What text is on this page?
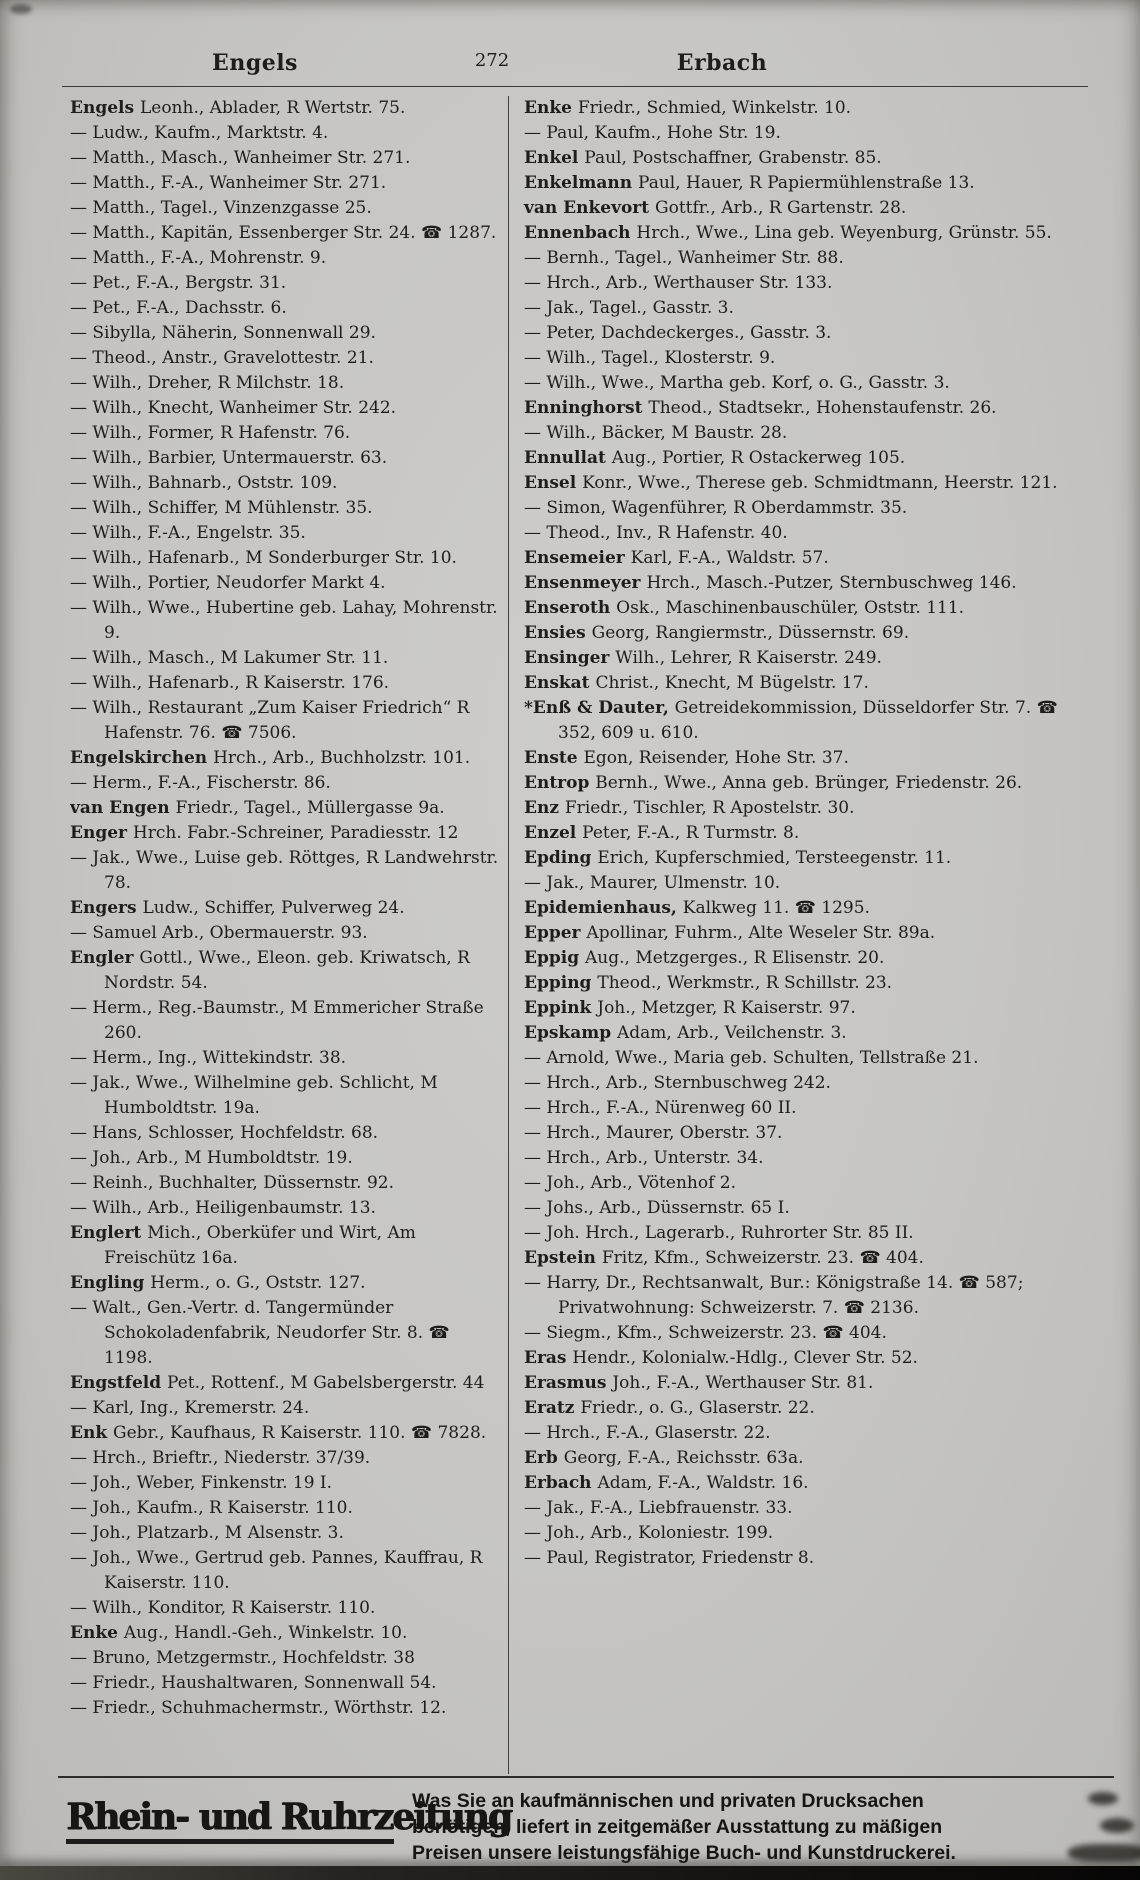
Engels	272	Erbach
Engels Leonh., Ablader, R Wertstr. 75.
— Ludw., Kaufm., Marktstr. 4.
— Matth., Masch., Wanheimer Str. 271.
— Matth., F.-A., Wanheimer Str. 271.
— Matth., Tagel., Vinzenzgasse 25.
— Matth., Kapitän, Essenberger Str. 24. ☎ 1287.
— Matth., F.-A., Mohrenstr. 9.
— Pet., F.-A., Bergstr. 31.
— Pet., F.-A., Dachsstr. 6.
— Sibylla, Näherin, Sonnenwall 29.
— Theod., Anstr., Gravelottestr. 21.
— Wilh., Dreher, R Milchstr. 18.
— Wilh., Knecht, Wanheimer Str. 242.
— Wilh., Former, R Hafenstr. 76.
— Wilh., Barbier, Untermauerstr. 63.
— Wilh., Bahnarb., Oststr. 109.
— Wilh., Schiffer, M Mühlenstr. 35.
— Wilh., F.-A., Engelstr. 35.
— Wilh., Hafenarb., M Sonderburger Str. 10.
— Wilh., Portier, Neudorfer Markt 4.
— Wilh., Wwe., Hubertine geb. Lahay, Mohrenstr. 9.
— Wilh., Masch., M Lakumer Str. 11.
— Wilh., Hafenarb., R Kaiserstr. 176.
— Wilh., Restaurant „Zum Kaiser Friedrich“ R Hafenstr. 76. ☎ 7506.
Engelskirchen Hrch., Arb., Buchholzstr. 101.
— Herm., F.-A., Fischerstr. 86.
van Engen Friedr., Tagel., Müllergasse 9a.
Enger Hrch. Fabr.-Schreiner, Paradiesstr. 12
— Jak., Wwe., Luise geb. Röttges, R Landwehrstr. 78.
Engers Ludw., Schiffer, Pulverweg 24.
— Samuel Arb., Obermauerstr. 93.
Engler Gottl., Wwe., Eleon. geb. Kriwatsch, R Nordstr. 54.
— Herm., Reg.-Baumstr., M Emmericher Straße 260.
— Herm., Ing., Wittekindstr. 38.
— Jak., Wwe., Wilhelmine geb. Schlicht, M Humboldtstr. 19a.
— Hans, Schlosser, Hochfeldstr. 68.
— Joh., Arb., M Humboldtstr. 19.
— Reinh., Buchhalter, Düssernstr. 92.
— Wilh., Arb., Heiligenbaumstr. 13.
Englert Mich., Oberküfer und Wirt, Am Freischütz 16a.
Engling Herm., o. G., Oststr. 127.
— Walt., Gen.-Vertr. d. Tangermünder Schokoladenfabrik, Neudorfer Str. 8. ☎ 1198.
Engstfeld Pet., Rottenf., M Gabelsbergerstr. 44
— Karl, Ing., Kremerstr. 24.
Enk Gebr., Kaufhaus, R Kaiserstr. 110. ☎ 7828.
— Hrch., Brieftr., Niederstr. 37/39.
— Joh., Weber, Finkenstr. 19 I.
— Joh., Kaufm., R Kaiserstr. 110.
— Joh., Platzarb., M Alsenstr. 3.
— Joh., Wwe., Gertrud geb. Pannes, Kauffrau, R Kaiserstr. 110.
— Wilh., Konditor, R Kaiserstr. 110.
Enke Aug., Handl.-Geh., Winkelstr. 10.
— Bruno, Metzgermstr., Hochfeldstr. 38
— Friedr., Haushaltwaren, Sonnenwall 54.
— Friedr., Schuhmachermstr., Wörthstr. 12.
Enke Friedr., Schmied, Winkelstr. 10.
— Paul, Kaufm., Hohe Str. 19.
Enkel Paul, Postschaffner, Grabenstr. 85.
Enkelmann Paul, Hauer, R Papiermühlenstraße 13.
van Enkevort Gottfr., Arb., R Gartenstr. 28.
Ennenbach Hrch., Wwe., Lina geb. Weyenburg, Grünstr. 55.
— Bernh., Tagel., Wanheimer Str. 88.
— Hrch., Arb., Werthauser Str. 133.
— Jak., Tagel., Gasstr. 3.
— Peter, Dachdeckerges., Gasstr. 3.
— Wilh., Tagel., Klosterstr. 9.
— Wilh., Wwe., Martha geb. Korf, o. G., Gasstr. 3.
Enninghorst Theod., Stadtsekr., Hohenstaufenstr. 26.
— Wilh., Bäcker, M Baustr. 28.
Ennullat Aug., Portier, R Ostackerweg 105.
Ensel Konr., Wwe., Therese geb. Schmidtmann, Heerstr. 121.
— Simon, Wagenführer, R Oberdammstr. 35.
— Theod., Inv., R Hafenstr. 40.
Ensemeier Karl, F.-A., Waldstr. 57.
Ensenmeyer Hrch., Masch.-Putzer, Sternbuschweg 146.
Enseroth Osk., Maschinenbauschüler, Oststr. 111.
Ensies Georg, Rangiermstr., Düssernstr. 69.
Ensinger Wilh., Lehrer, R Kaiserstr. 249.
Enskat Christ., Knecht, M Bügelstr. 17.
*Enß & Dauter, Getreidekommission, Düsseldorfer Str. 7. ☎ 352, 609 u. 610.
Enste Egon, Reisender, Hohe Str. 37.
Entrop Bernh., Wwe., Anna geb. Brünger, Friedenstr. 26.
Enz Friedr., Tischler, R Apostelstr. 30.
Enzel Peter, F.-A., R Turmstr. 8.
Epding Erich, Kupferschmied, Tersteegenstr. 11.
— Jak., Maurer, Ulmenstr. 10.
Epidemienhaus, Kalkweg 11. ☎ 1295.
Epper Apollinar, Fuhrm., Alte Weseler Str. 89a.
Eppig Aug., Metzgerges., R Elisenstr. 20.
Epping Theod., Werkmstr., R Schillstr. 23.
Eppink Joh., Metzger, R Kaiserstr. 97.
Epskamp Adam, Arb., Veilchenstr. 3.
— Arnold, Wwe., Maria geb. Schulten, Tellstraße 21.
— Hrch., Arb., Sternbuschweg 242.
— Hrch., F.-A., Nürenweg 60 II.
— Hrch., Maurer, Oberstr. 37.
— Hrch., Arb., Unterstr. 34.
— Joh., Arb., Vötenhof 2.
— Johs., Arb., Düssernstr. 65 I.
— Joh. Hrch., Lagerarb., Ruhrorter Str. 85 II.
Epstein Fritz, Kfm., Schweizerstr. 23. ☎ 404.
— Harry, Dr., Rechtsanwalt, Bur.: Königstraße 14. ☎ 587; Privatwohnung: Schweizerstr. 7. ☎ 2136.
— Siegm., Kfm., Schweizerstr. 23. ☎ 404.
Eras Hendr., Kolonialw.-Hdlg., Clever Str. 52.
Erasmus Joh., F.-A., Werthauser Str. 81.
Eratz Friedr., o. G., Glaserstr. 22.
— Hrch., F.-A., Glaserstr. 22.
Erb Georg, F.-A., Reichsstr. 63a.
Erbach Adam, F.-A., Waldstr. 16.
— Jak., F.-A., Liebfrauenstr. 33.
— Joh., Arb., Koloniestr. 199.
— Paul, Registrator, Friedenstr 8.
Rhein- und Ruhrzeitung
Was Sie an kaufmännischen und privaten Drucksachen
benötigen, liefert in zeitgemäßer Ausstattung zu mäßigen
Preisen unsere leistungsfähige Buch- und Kunstdruckerei.
